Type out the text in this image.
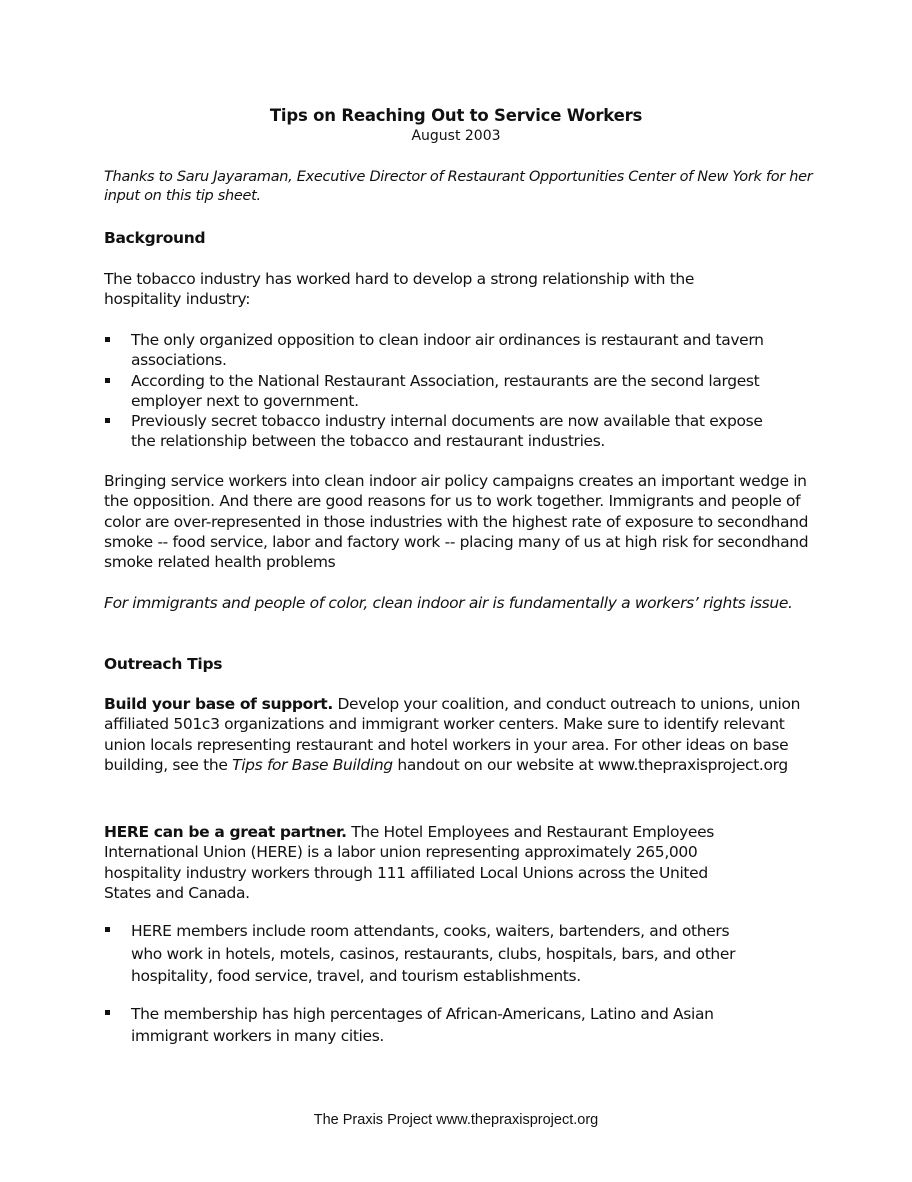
Tips on Reaching Out to Service Workers
August 2003
Thanks to Saru Jayaraman, Executive Director of Restaurant Opportunities Center of New York for her input on this tip sheet.
Background
The tobacco industry has worked hard to develop a strong relationship with the hospitality industry:
The only organized opposition to clean indoor air ordinances is restaurant and tavern associations.
According to the National Restaurant Association, restaurants are the second largest employer next to government.
Previously secret tobacco industry internal documents are now available that expose the relationship between the tobacco and restaurant industries.
Bringing service workers into clean indoor air policy campaigns creates an important wedge in the opposition. And there are good reasons for us to work together. Immigrants and people of color are over-represented in those industries with the highest rate of exposure to secondhand smoke -- food service, labor and factory work -- placing many of us at high risk for secondhand smoke related health problems
For immigrants and people of color, clean indoor air is fundamentally a workers’ rights issue.
Outreach Tips
Build your base of support. Develop your coalition, and conduct outreach to unions, union affiliated 501c3 organizations and immigrant worker centers. Make sure to identify relevant union locals representing restaurant and hotel workers in your area. For other ideas on base building, see the Tips for Base Building handout on our website at www.thepraxisproject.org
HERE can be a great partner. The Hotel Employees and Restaurant Employees International Union (HERE) is a labor union representing approximately 265,000 hospitality industry workers through 111 affiliated Local Unions across the United States and Canada.
HERE members include room attendants, cooks, waiters, bartenders, and others who work in hotels, motels, casinos, restaurants, clubs, hospitals, bars, and other hospitality, food service, travel, and tourism establishments.
The membership has high percentages of African-Americans, Latino and Asian immigrant workers in many cities.
The Praxis Project www.thepraxisproject.org
